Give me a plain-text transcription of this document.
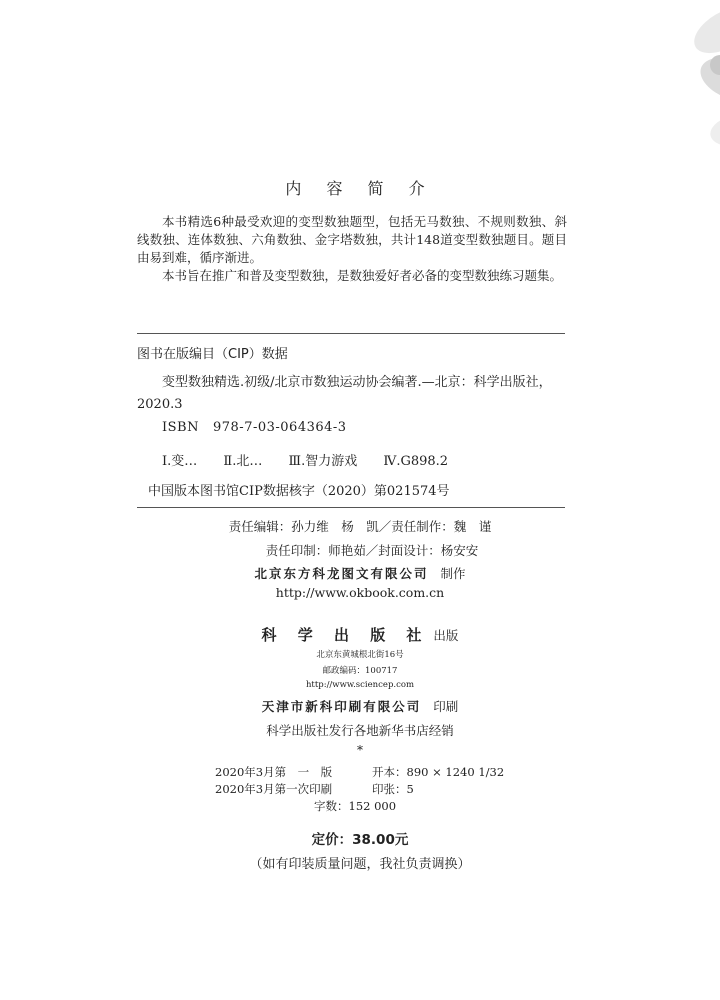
内 容 简 介

本书精选6种最受欢迎的变型数独题型，包括无马数独、不规则数独、斜线数独、连体数独、六角数独、金字塔数独，共计148道变型数独题目。题目由易到难，循序渐进。

本书旨在推广和普及变型数独，是数独爱好者必备的变型数独练习题集。

图书在版编目（CIP）数据

变型数独精选.初级/北京市数独运动协会编著.—北京：科学出版社，2020.3

ISBN 978-7-03-064364-3
Ⅰ.变… Ⅱ.北… Ⅲ.智力游戏 Ⅳ.G898.2
中国版本图书馆CIP数据核字（2020）第021574号
责任编辑：孙力维　杨　凯／责任制作：魏　谨
责任印制：师艳茹／封面设计：杨安安
北京东方科龙图文有限公司 制作
http://www.okbook.com.cn
科 学 出 版 社 出版
北京东黄城根北街16号
邮政编码：100717
http://www.sciencep.com
天津市新科印刷有限公司 印刷
科学出版社发行各地新华书店经销
*
2020年3月第　一　版
2020年3月第一次印刷
开本：890 × 1240 1/32
印张：5
字数：152 000
定价：38.00元
（如有印装质量问题，我社负责调换）
